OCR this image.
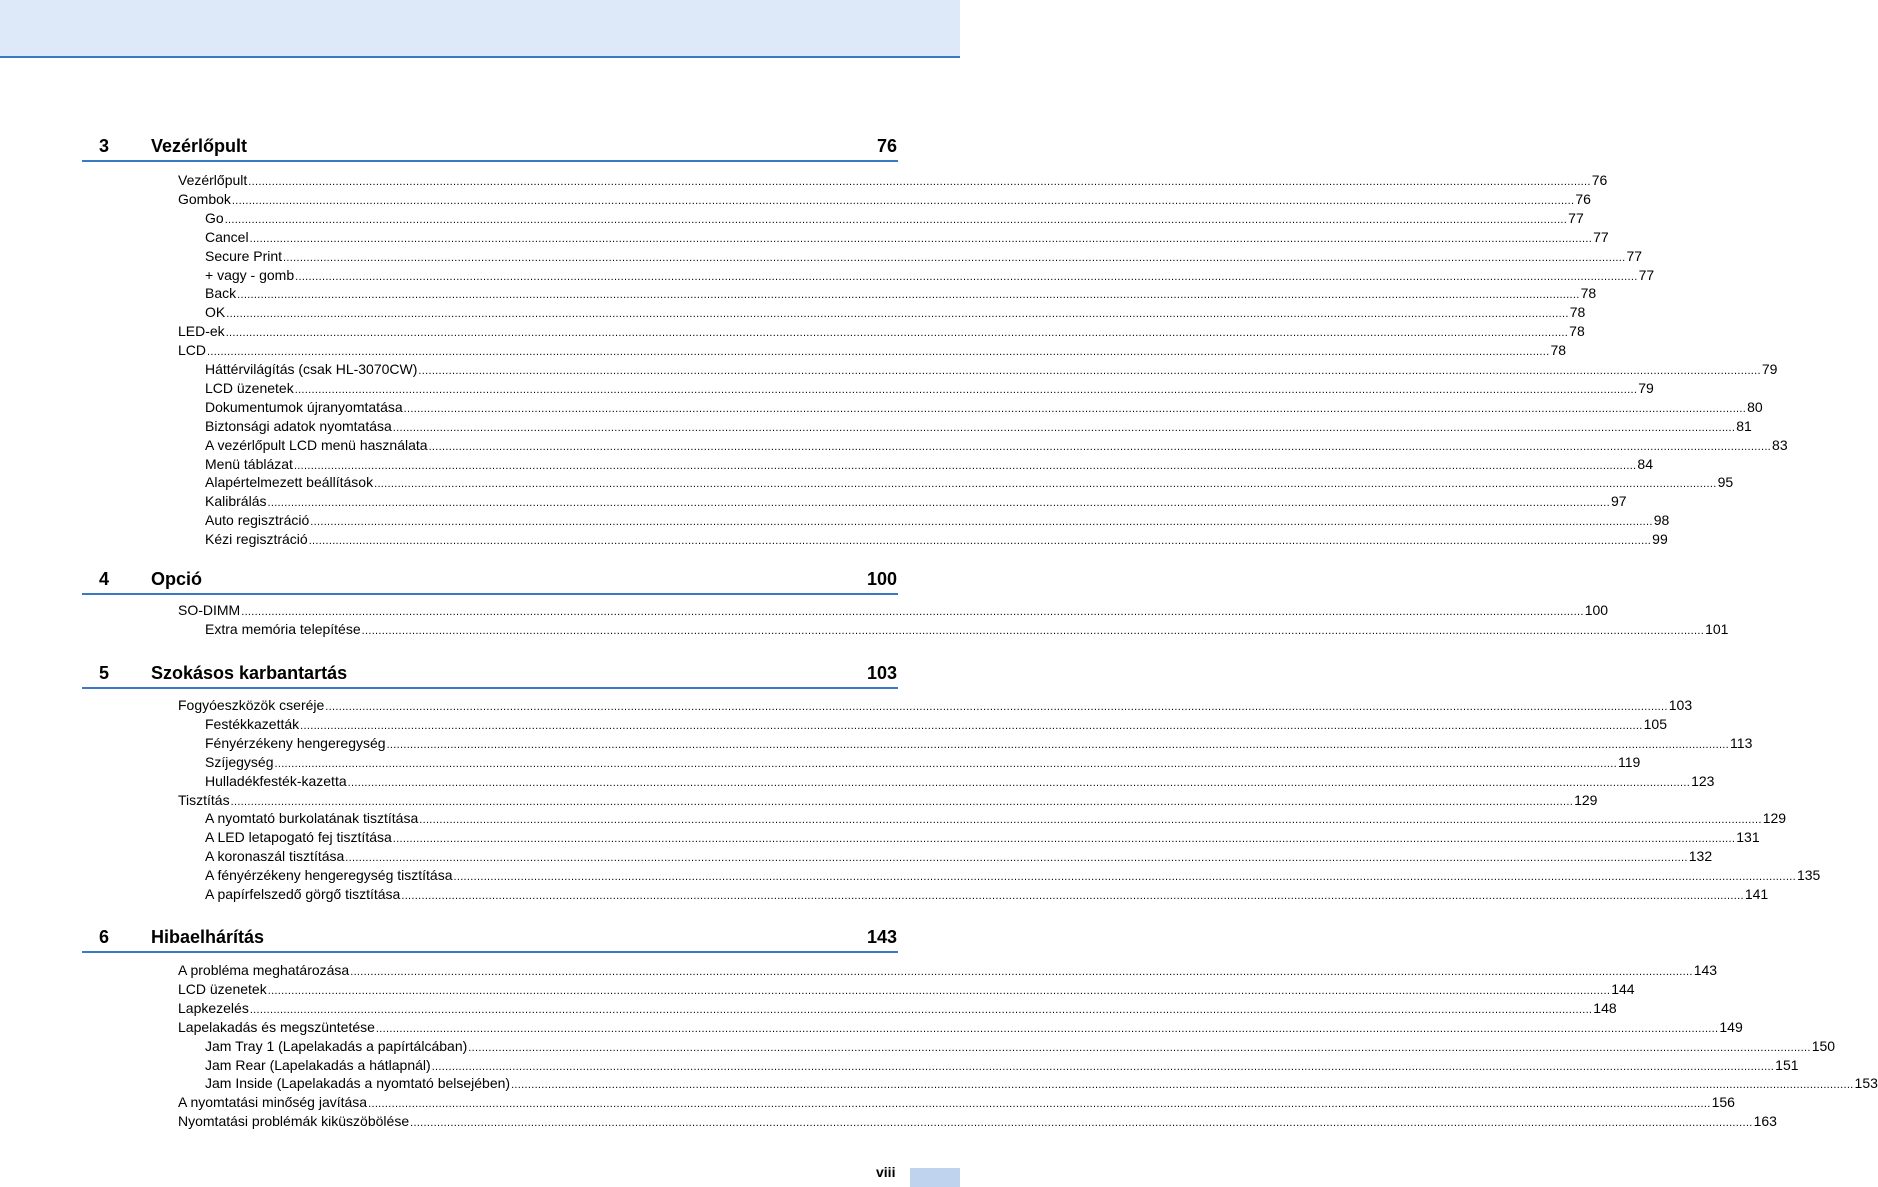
3 Vezérlőpult	76
Vezérlőpult ................................................................................................................................................................................................................................................................................................................................................................................................................ 76
Gombok ................................................................................................................................................................................................................................................................................................................................................................................................................ 76
Go ................................................................................................................................................................................................................................................................................................................................................................................................................ 77
Cancel ................................................................................................................................................................................................................................................................................................................................................................................................................ 77
Secure Print ................................................................................................................................................................................................................................................................................................................................................................................................................ 77
+ vagy - gomb ................................................................................................................................................................................................................................................................................................................................................................................................................ 77
Back ................................................................................................................................................................................................................................................................................................................................................................................................................ 78
OK ................................................................................................................................................................................................................................................................................................................................................................................................................ 78
LED-ek ................................................................................................................................................................................................................................................................................................................................................................................................................ 78
LCD ................................................................................................................................................................................................................................................................................................................................................................................................................ 78
Háttérvilágítás (csak HL-3070CW) ................................................................................................................................................................................................................................................................................................................................................................................................................ 79
LCD üzenetek ................................................................................................................................................................................................................................................................................................................................................................................................................ 79
Dokumentumok újranyomtatása ................................................................................................................................................................................................................................................................................................................................................................................................................ 80
Biztonsági adatok nyomtatása ................................................................................................................................................................................................................................................................................................................................................................................................................ 81
A vezérlőpult LCD menü használata ................................................................................................................................................................................................................................................................................................................................................................................................................ 83
Menü táblázat ................................................................................................................................................................................................................................................................................................................................................................................................................ 84
Alapértelmezett beállítások ................................................................................................................................................................................................................................................................................................................................................................................................................ 95
Kalibrálás ................................................................................................................................................................................................................................................................................................................................................................................................................ 97
Auto regisztráció ................................................................................................................................................................................................................................................................................................................................................................................................................ 98
Kézi regisztráció ................................................................................................................................................................................................................................................................................................................................................................................................................ 99
4 Opció	100
SO-DIMM ................................................................................................................................................................................................................................................................................................................................................................................................................ 100
Extra memória telepítése ................................................................................................................................................................................................................................................................................................................................................................................................................ 101
5 Szokásos karbantartás	103
Fogyóeszközök cseréje ................................................................................................................................................................................................................................................................................................................................................................................................................ 103
Festékkazetták ................................................................................................................................................................................................................................................................................................................................................................................................................ 105
Fényérzékeny hengeregység ................................................................................................................................................................................................................................................................................................................................................................................................................ 113
Szíjegység ................................................................................................................................................................................................................................................................................................................................................................................................................ 119
Hulladékfesték-kazetta ................................................................................................................................................................................................................................................................................................................................................................................................................ 123
Tisztítás ................................................................................................................................................................................................................................................................................................................................................................................................................ 129
A nyomtató burkolatának tisztítása ................................................................................................................................................................................................................................................................................................................................................................................................................ 129
A LED letapogató fej tisztítása ................................................................................................................................................................................................................................................................................................................................................................................................................ 131
A koronaszál tisztítása ................................................................................................................................................................................................................................................................................................................................................................................................................ 132
A fényérzékeny hengeregység tisztítása ................................................................................................................................................................................................................................................................................................................................................................................................................ 135
A papírfelszedő görgő tisztítása ................................................................................................................................................................................................................................................................................................................................................................................................................ 141
6 Hibaelhárítás	143
A probléma meghatározása ................................................................................................................................................................................................................................................................................................................................................................................................................ 143
LCD üzenetek ................................................................................................................................................................................................................................................................................................................................................................................................................ 144
Lapkezelés ................................................................................................................................................................................................................................................................................................................................................................................................................ 148
Lapelakadás és megszüntetése ................................................................................................................................................................................................................................................................................................................................................................................................................ 149
Jam Tray 1 (Lapelakadás a papírtálcában) ................................................................................................................................................................................................................................................................................................................................................................................................................ 150
Jam Rear (Lapelakadás a hátlapnál) ................................................................................................................................................................................................................................................................................................................................................................................................................ 151
Jam Inside (Lapelakadás a nyomtató belsejében) ................................................................................................................................................................................................................................................................................................................................................................................................................ 153
A nyomtatási minőség javítása ................................................................................................................................................................................................................................................................................................................................................................................................................ 156
Nyomtatási problémák kiküszöbölése ................................................................................................................................................................................................................................................................................................................................................................................................................ 163
viii
